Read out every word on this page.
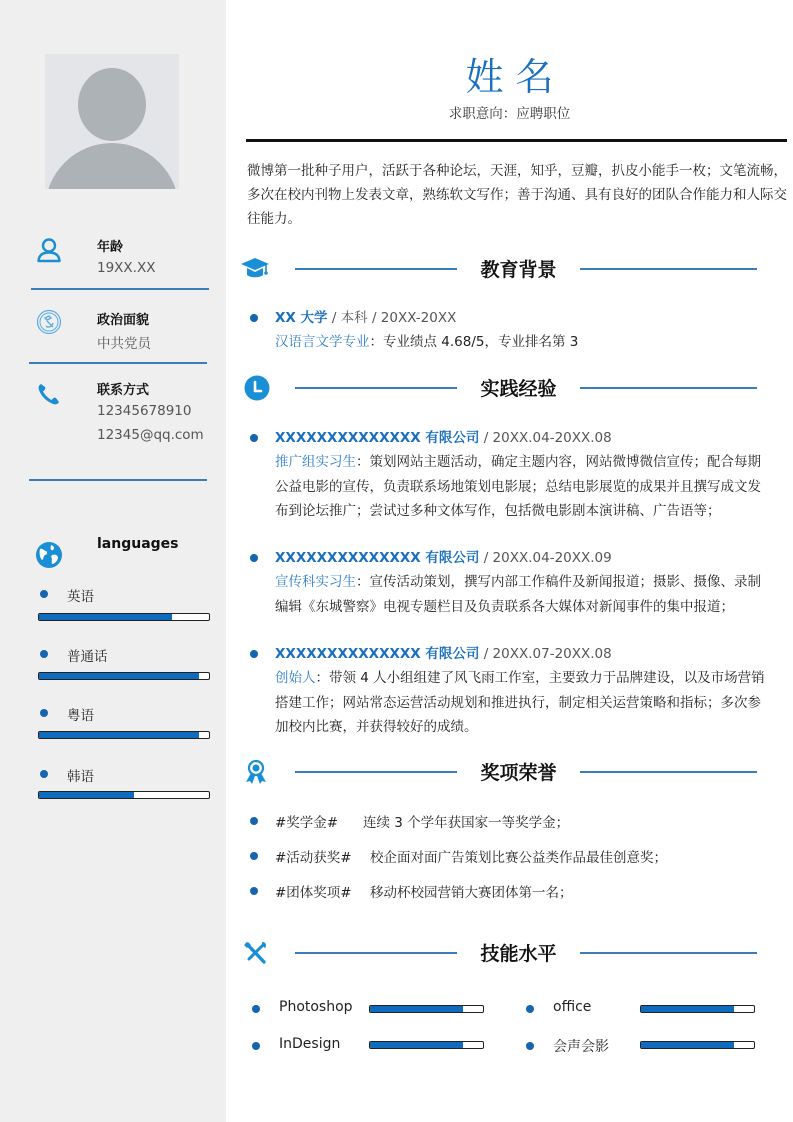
年龄
19XX.XX
政治面貌
中共党员
联系方式
12345678910
12345@qq.com
languages
英语
普通话
粤语
韩语
姓名
求职意向：应聘职位
微博第一批种子用户，活跃于各种论坛，天涯，知乎，豆瓣，扒皮小能手一枚；文笔流畅，多次在校内刊物上发表文章，熟练软文写作；善于沟通、具有良好的团队合作能力和人际交往能力。
教育背景
XX 大学 / 本科 / 20XX-20XX
汉语言文学专业：专业绩点 4.68/5，专业排名第 3
实践经验
XXXXXXXXXXXXXX 有限公司 / 20XX.04-20XX.08
推广组实习生：策划网站主题活动，确定主题内容，网站微博微信宣传；配合每期公益电影的宣传，负责联系场地策划电影展；总结电影展览的成果并且撰写成文发布到论坛推广；尝试过多种文体写作，包括微电影剧本演讲稿、广告语等；
XXXXXXXXXXXXXX 有限公司 / 20XX.04-20XX.09
宣传科实习生：宣传活动策划，撰写内部工作稿件及新闻报道；摄影、摄像、录制编辑《东城警察》电视专题栏目及负责联系各大媒体对新闻事件的集中报道；
XXXXXXXXXXXXXX 有限公司 / 20XX.07-20XX.08
创始人：带领 4 人小组组建了风飞雨工作室，主要致力于品牌建设，以及市场营销搭建工作；网站常态运营活动规划和推进执行，制定相关运营策略和指标；多次参加校内比赛，并获得较好的成绩。
奖项荣誉
#奖学金# 连续 3 个学年获国家一等奖学金；
#活动获奖# 校企面对面广告策划比赛公益类作品最佳创意奖；
#团体奖项# 移动杯校园营销大赛团体第一名；
技能水平
Photoshop	office
InDesign	会声会影
